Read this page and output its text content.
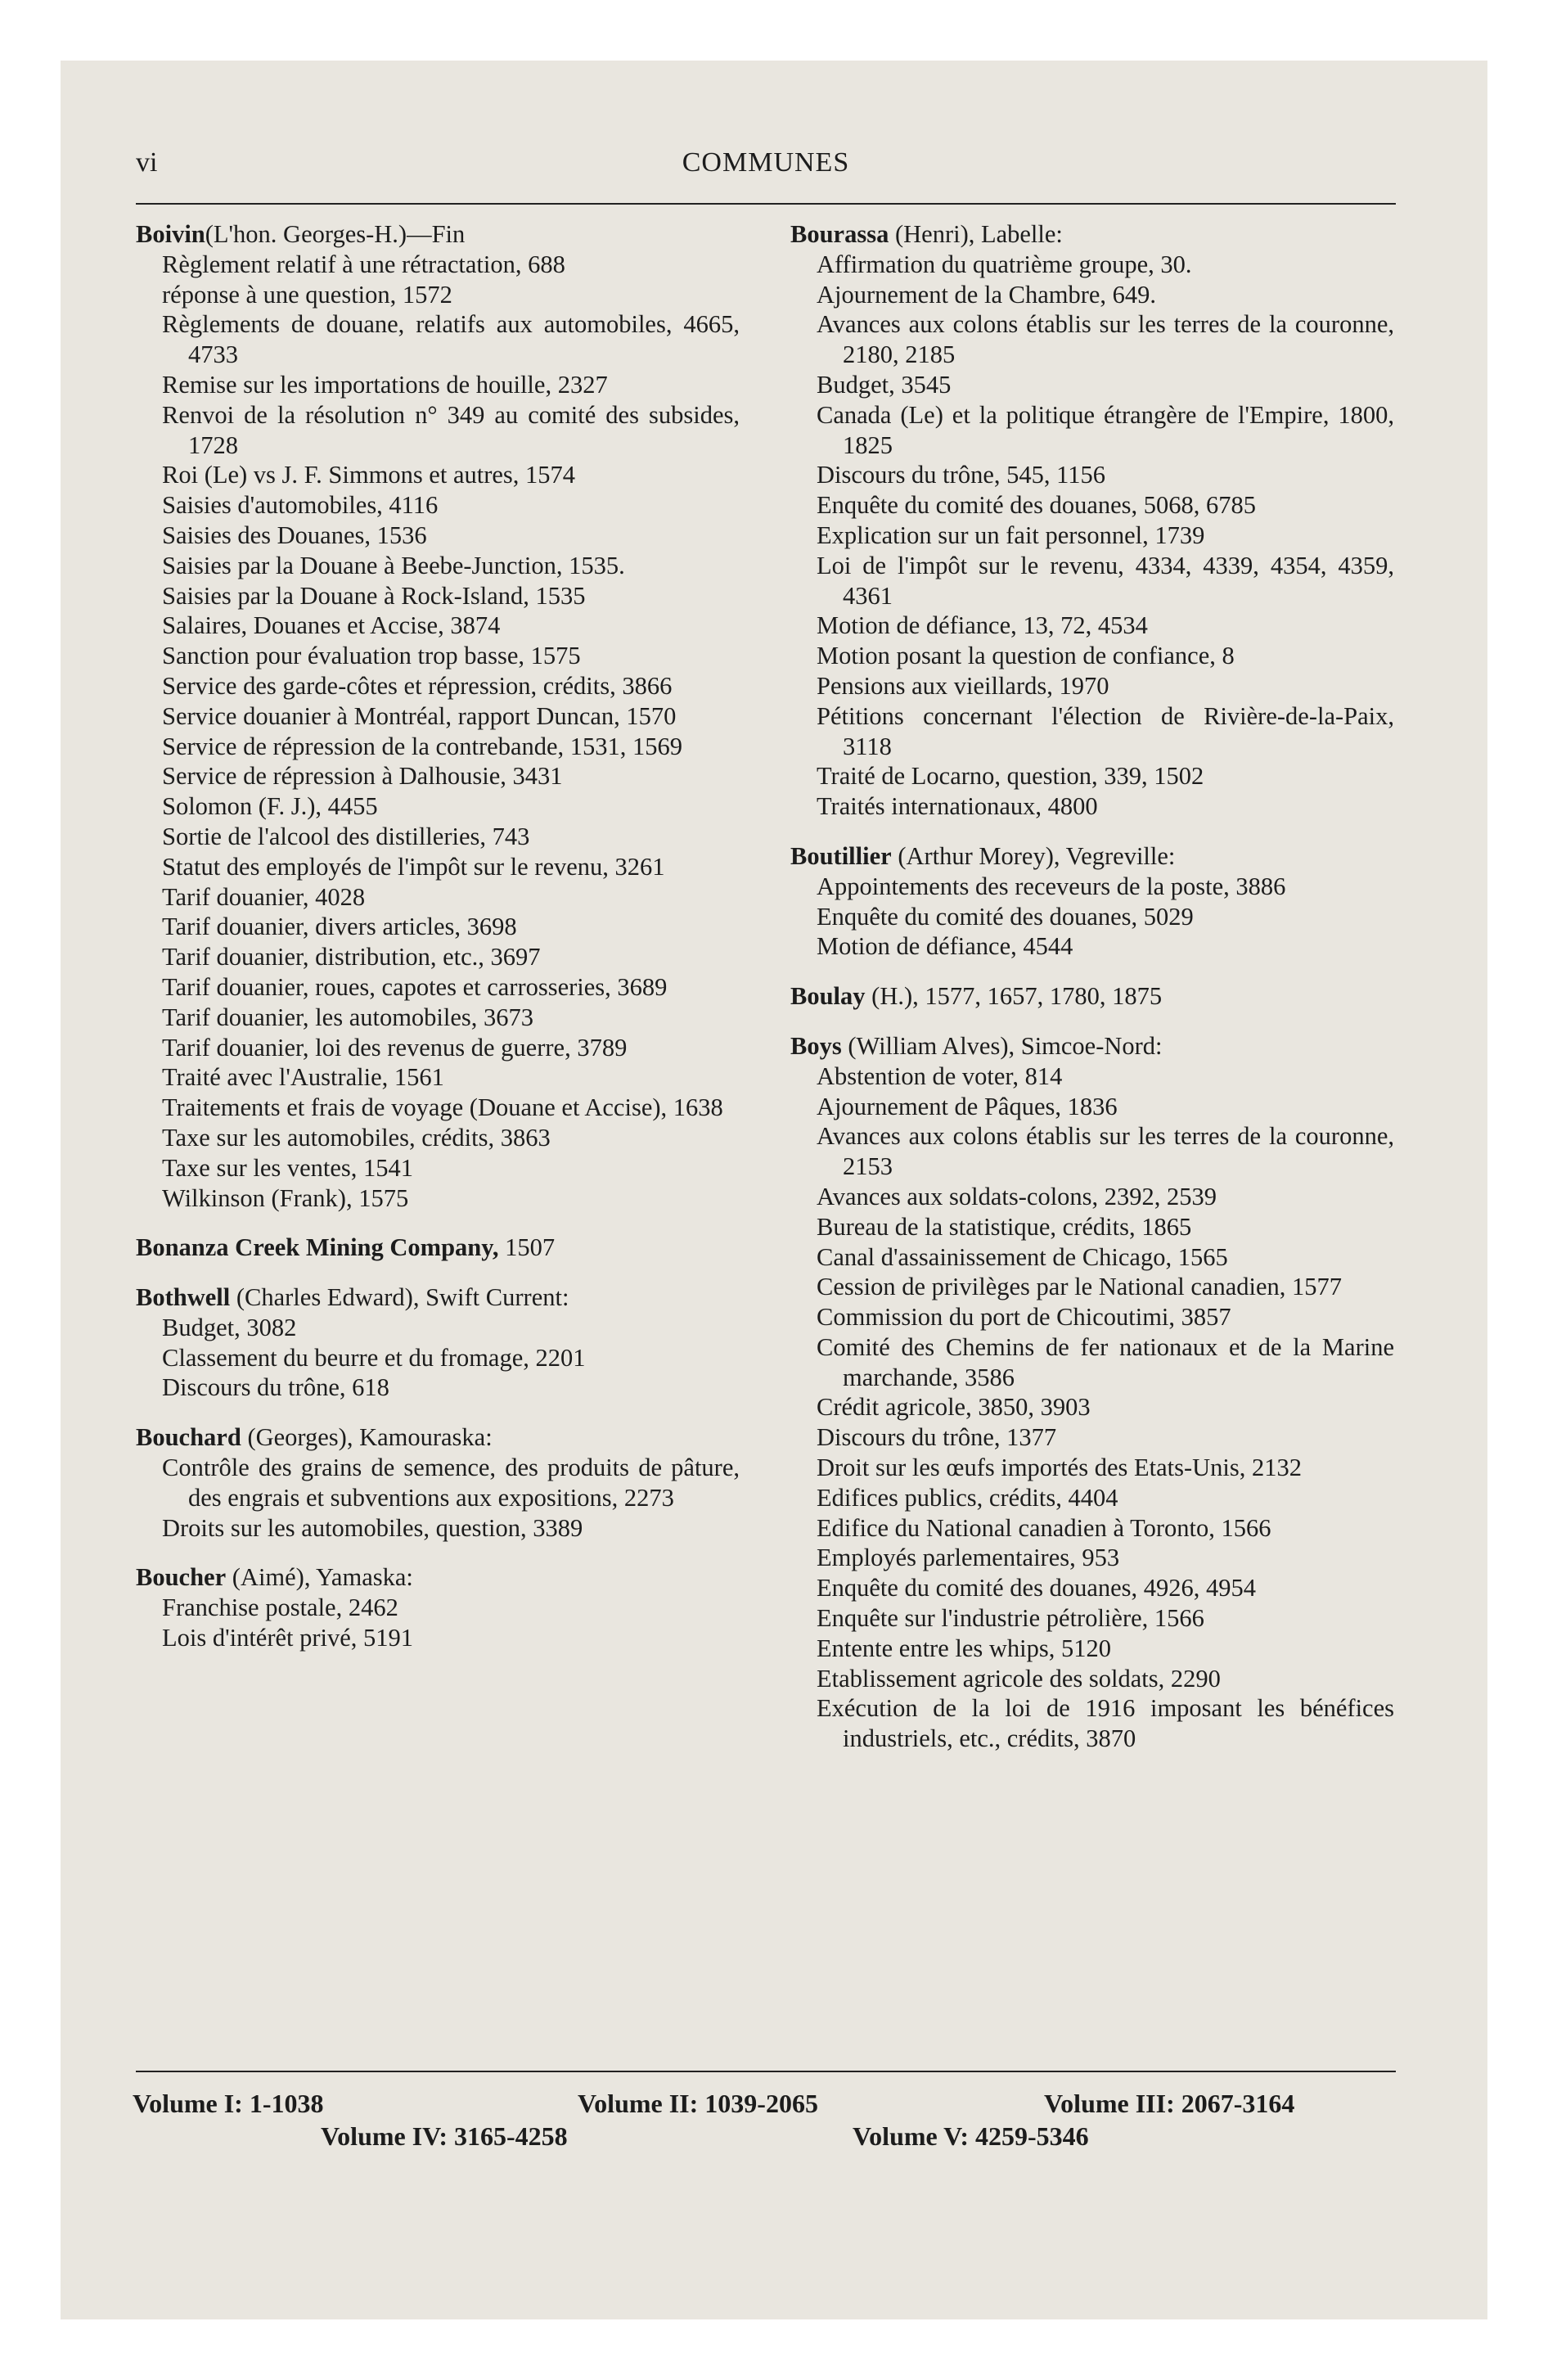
vi	COMMUNES
Boivin(L'hon. Georges-H.)—Fin
Règlement relatif à une rétractation, 688
réponse à une question, 1572
Règlements de douane, relatifs aux automobiles, 4665, 4733
Remise sur les importations de houille, 2327
Renvoi de la résolution n° 349 au comité des subsides, 1728
Roi (Le) vs J. F. Simmons et autres, 1574
Saisies d'automobiles, 4116
Saisies des Douanes, 1536
Saisies par la Douane à Beebe-Junction, 1535.
Saisies par la Douane à Rock-Island, 1535
Salaires, Douanes et Accise, 3874
Sanction pour évaluation trop basse, 1575
Service des garde-côtes et répression, crédits, 3866
Service douanier à Montréal, rapport Duncan, 1570
Service de répression de la contrebande, 1531, 1569
Service de répression à Dalhousie, 3431
Solomon (F. J.), 4455
Sortie de l'alcool des distilleries, 743
Statut des employés de l'impôt sur le revenu, 3261
Tarif douanier, 4028
Tarif douanier, divers articles, 3698
Tarif douanier, distribution, etc., 3697
Tarif douanier, roues, capotes et carrosseries, 3689
Tarif douanier, les automobiles, 3673
Tarif douanier, loi des revenus de guerre, 3789
Traité avec l'Australie, 1561
Traitements et frais de voyage (Douane et Accise), 1638
Taxe sur les automobiles, crédits, 3863
Taxe sur les ventes, 1541
Wilkinson (Frank), 1575
Bonanza Creek Mining Company, 1507
Bothwell (Charles Edward), Swift Current:
Budget, 3082
Classement du beurre et du fromage, 2201
Discours du trône, 618
Bouchard (Georges), Kamouraska:
Contrôle des grains de semence, des produits de pâture, des engrais et subventions aux expositions, 2273
Droits sur les automobiles, question, 3389
Boucher (Aimé), Yamaska:
Franchise postale, 2462
Lois d'intérêt privé, 5191
Bourassa (Henri), Labelle:
Affirmation du quatrième groupe, 30.
Ajournement de la Chambre, 649.
Avances aux colons établis sur les terres de la couronne, 2180, 2185
Budget, 3545
Canada (Le) et la politique étrangère de l'Empire, 1800, 1825
Discours du trône, 545, 1156
Enquête du comité des douanes, 5068, 6785
Explication sur un fait personnel, 1739
Loi de l'impôt sur le revenu, 4334, 4339, 4354, 4359, 4361
Motion de défiance, 13, 72, 4534
Motion posant la question de confiance, 8
Pensions aux vieillards, 1970
Pétitions concernant l'élection de Rivière-de-la-Paix, 3118
Traité de Locarno, question, 339, 1502
Traités internationaux, 4800
Boutillier (Arthur Morey), Vegreville:
Appointements des receveurs de la poste, 3886
Enquête du comité des douanes, 5029
Motion de défiance, 4544
Boulay (H.), 1577, 1657, 1780, 1875
Boys (William Alves), Simcoe-Nord:
Abstention de voter, 814
Ajournement de Pâques, 1836
Avances aux colons établis sur les terres de la couronne, 2153
Avances aux soldats-colons, 2392, 2539
Bureau de la statistique, crédits, 1865
Canal d'assainissement de Chicago, 1565
Cession de privilèges par le National canadien, 1577
Commission du port de Chicoutimi, 3857
Comité des Chemins de fer nationaux et de la Marine marchande, 3586
Crédit agricole, 3850, 3903
Discours du trône, 1377
Droit sur les œufs importés des Etats-Unis, 2132
Edifices publics, crédits, 4404
Edifice du National canadien à Toronto, 1566
Employés parlementaires, 953
Enquête du comité des douanes, 4926, 4954
Enquête sur l'industrie pétrolière, 1566
Entente entre les whips, 5120
Etablissement agricole des soldats, 2290
Exécution de la loi de 1916 imposant les bénéfices industriels, etc., crédits, 3870
Volume I: 1-1038	Volume II: 1039-2065	Volume III: 2067-3164
Volume IV: 3165-4258	Volume V: 4259-5346
